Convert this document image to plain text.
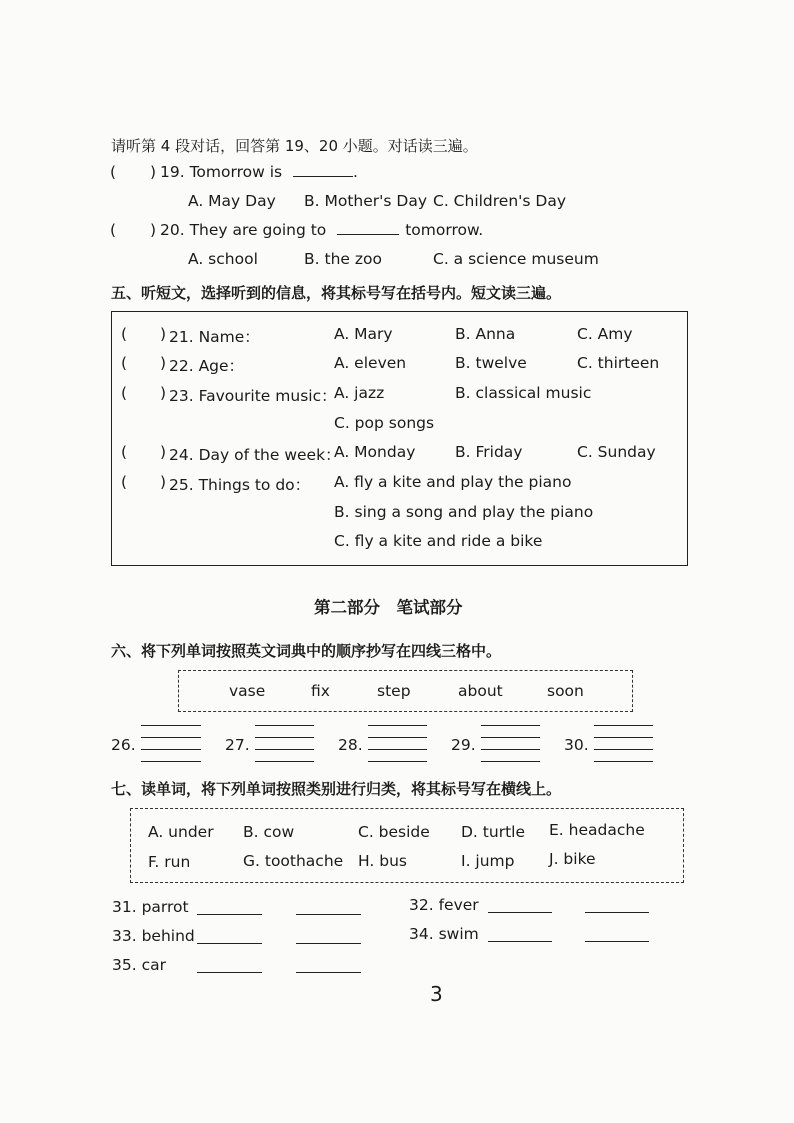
请听第 4 段对话，回答第 19、20 小题。对话读三遍。
( ) 19. Tomorrow is	.
A. May Day B. Mother's Day C. Children's Day
( ) 20. They are going to	tomorrow.
A. school	B. the zoo	C. a science museum
五、听短文，选择听到的信息，将其标号写在括号内。短文读三遍。
( ) 21. Name：	A. Mary	B. Anna	C. Amy
( ) 22. Age：	A. eleven	B. twelve	C. thirteen
( ) 23. Favourite music：
A. jazz	B. classical music
C. pop songs
( ) 24. Day of the week：
A. Monday	B. Friday	C. Sunday
( ) 25. Things to do： A. fly a kite and play the piano
B. sing a song and play the piano
C. fly a kite and ride a bike
第二部分　笔试部分
六、将下列单词按照英文词典中的顺序抄写在四线三格中。
vase	fix	step	about	soon
26.	27.	28.	29.	30.
七、读单词，将下列单词按照类别进行归类，将其标号写在横线上。
A. under B. cow	C. beside D. turtle E. headache
F. run	G. toothache H. bus	I. jump J. bike
31. parrot	32. fever
33. behind	34. swim
35. car
3
